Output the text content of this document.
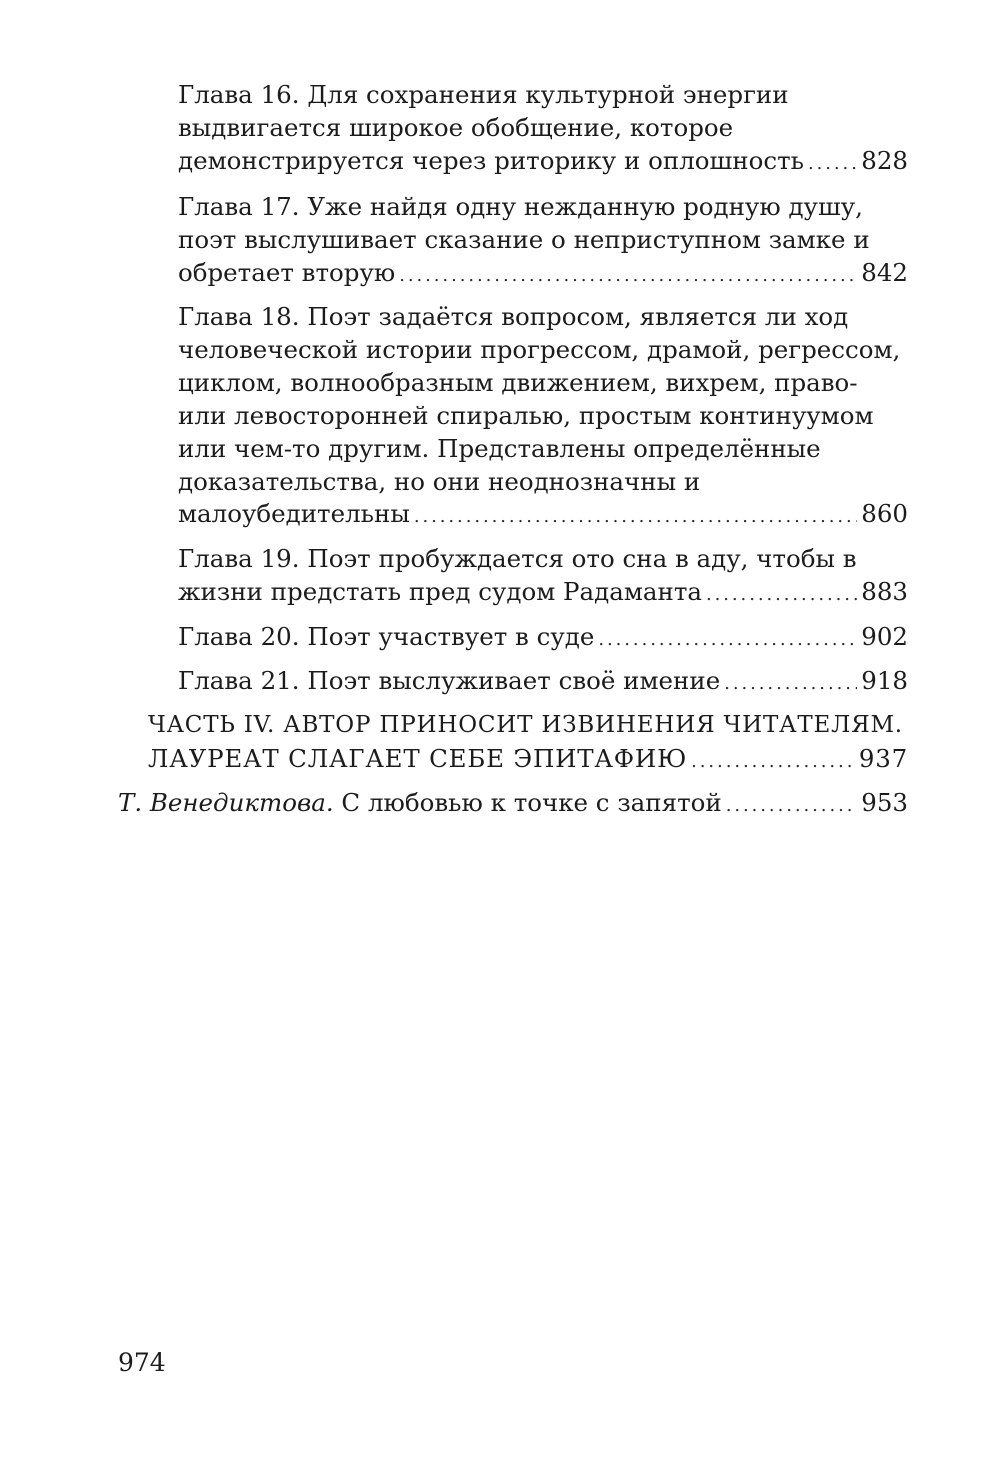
Глава 16. Для сохранения культурной энергии
выдвигается широкое обобщение, которое
демонстрируется через риторику и оплошность . . . 828
Глава 17. Уже найдя одну нежданную родную душу,
поэт выслушивает сказание о неприступном замке и
обретает вторую . . .	842
Глава 18. Поэт задаётся вопросом, является ли ход
человеческой истории прогрессом, драмой, регрессом,
циклом, волнообразным движением, вихрем, право-
или левосторонней спиралью, простым континуумом
или чем-то другим. Представлены определённые
доказательства, но они неоднозначны и
малоубедительны . . .	860
Глава 19. Поэт пробуждается ото сна в аду, чтобы в
жизни предстать пред судом Радаманта . . .	883
Глава 20. Поэт участвует в суде . . .	902
Глава 21. Поэт выслуживает своё имение . . .	918
ЧАСТЬ IV. АВТОР ПРИНОСИТ ИЗВИНЕНИЯ ЧИТАТЕЛЯМ.
ЛАУРЕАТ СЛАГАЕТ СЕБЕ ЭПИТАФИЮ . . .	937
Т. Венедиктова. С любовью к точке с запятой . . .	953
974
